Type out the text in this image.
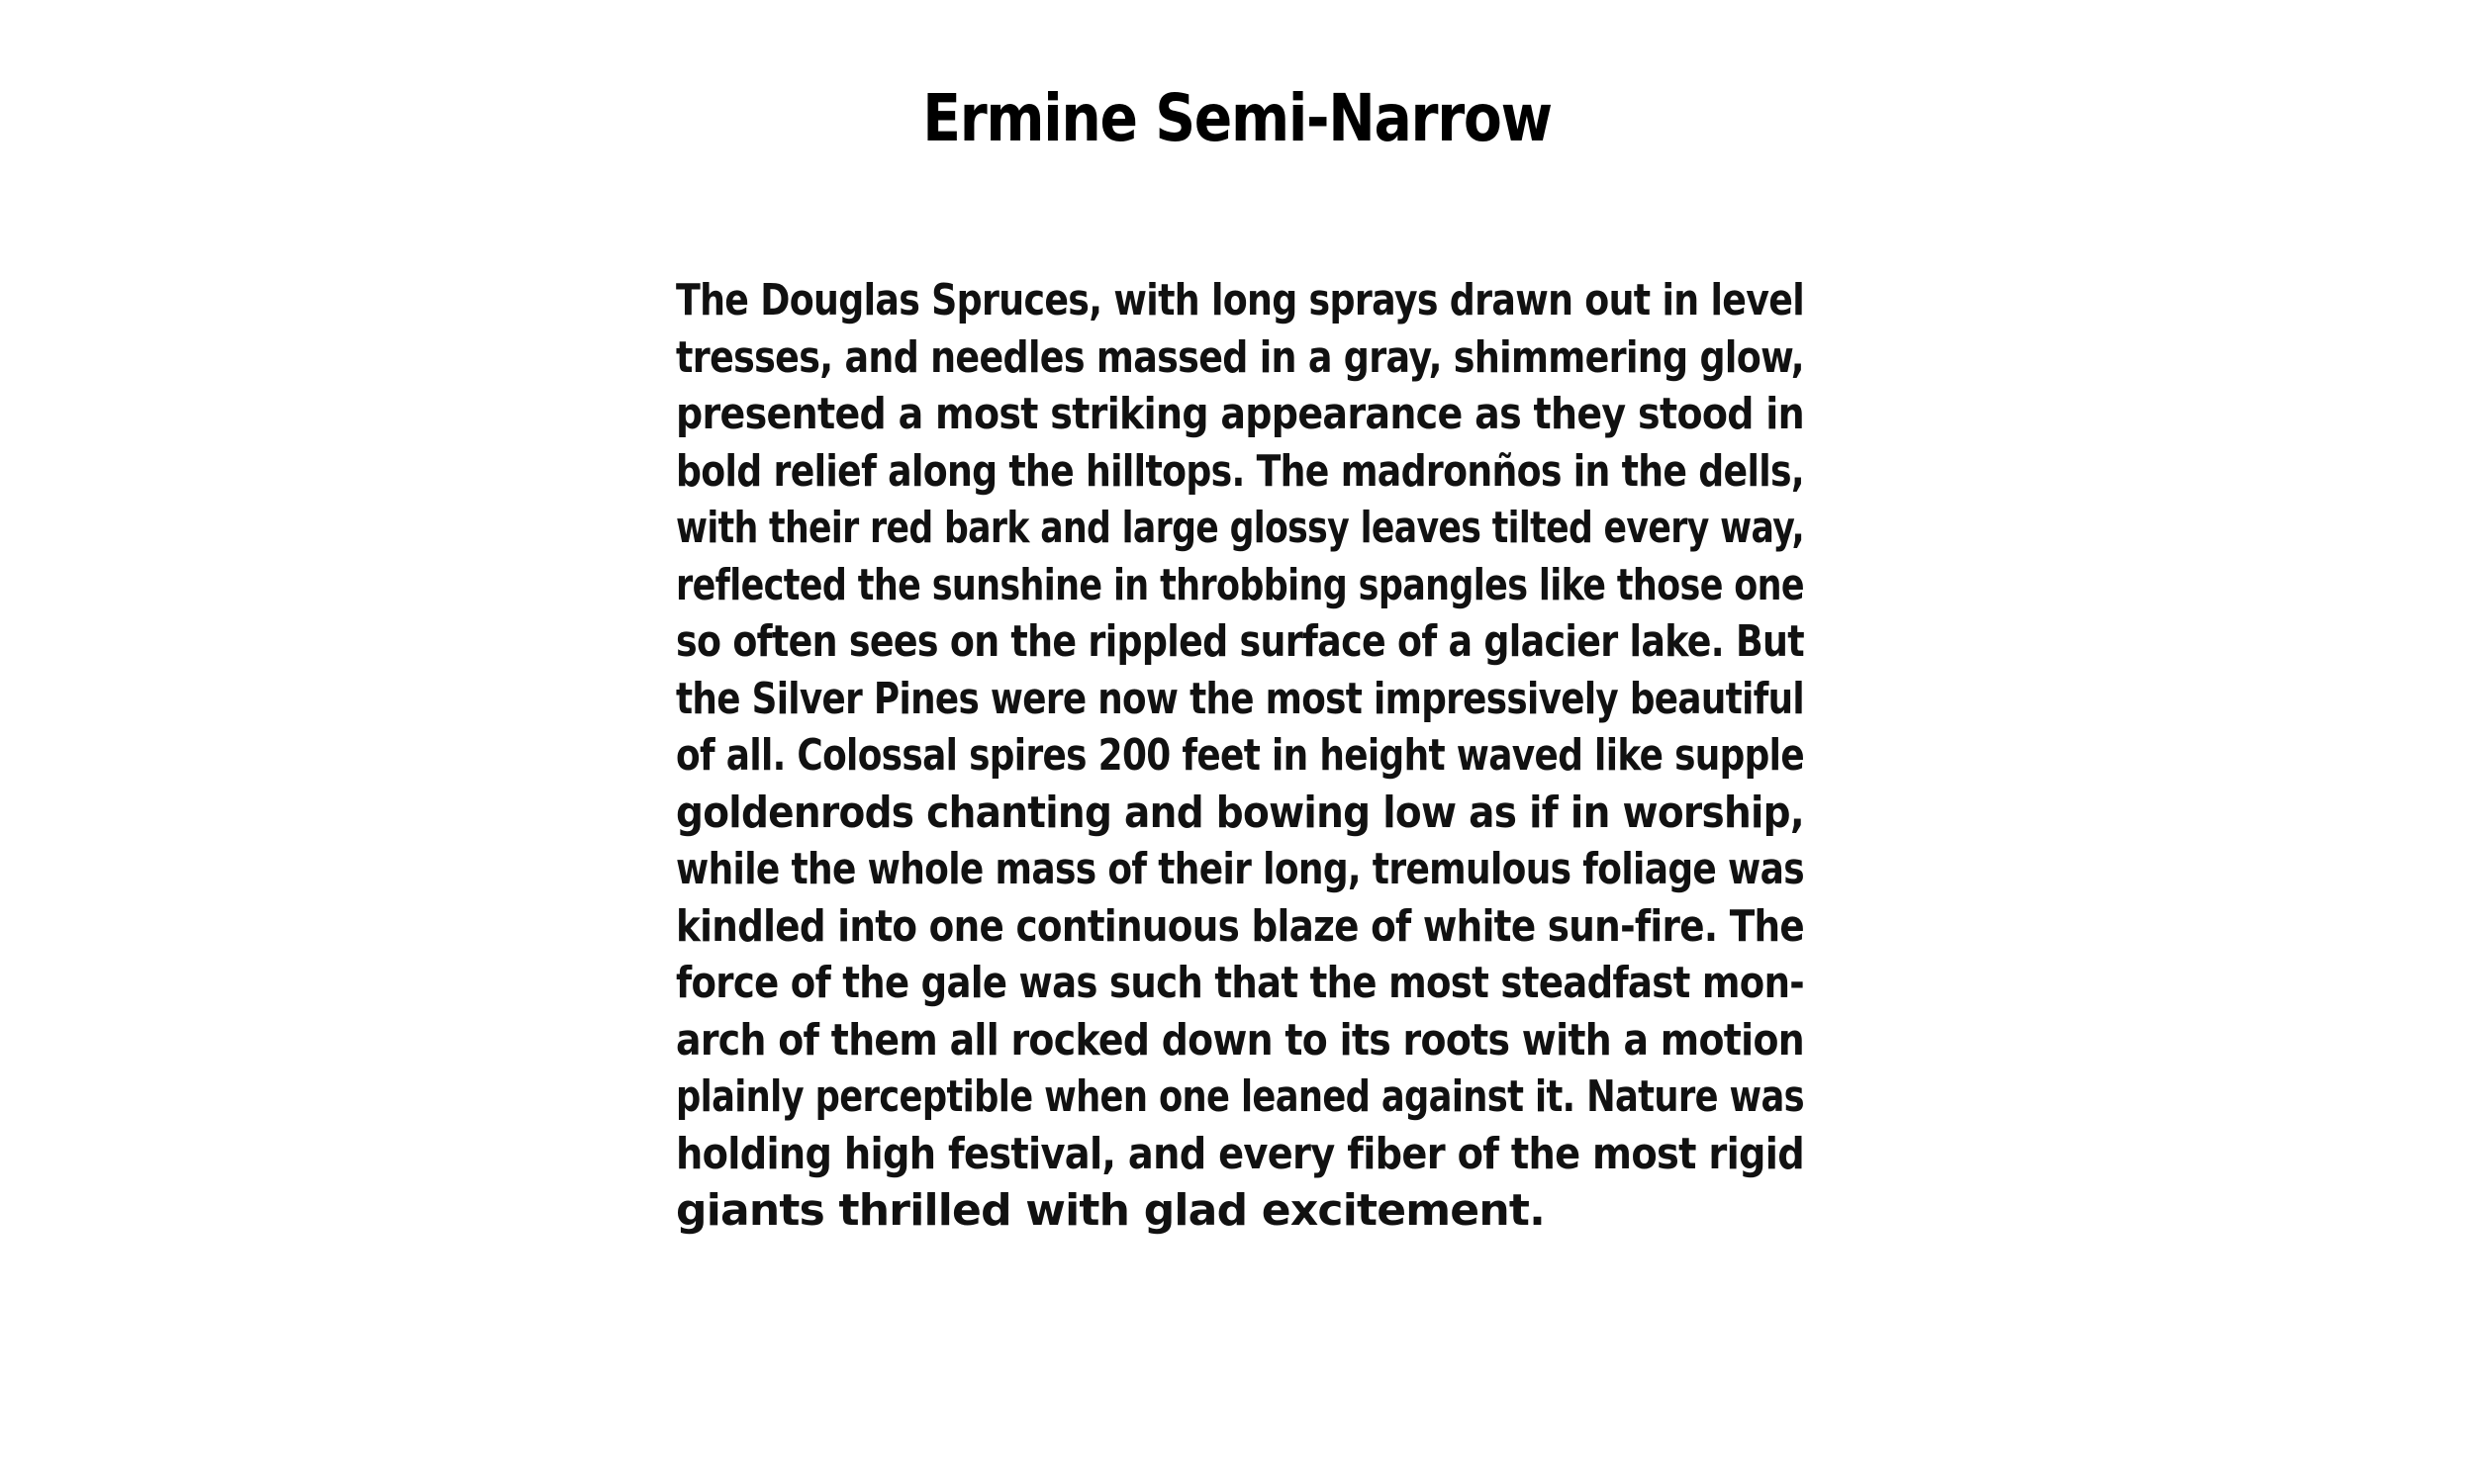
Ermine Semi-Narrow
The Douglas Spruces, with long sprays drawn out in level
tresses, and needles massed in a gray, shimmering glow,
presented a most striking appearance as they stood in
bold relief along the hilltops. The madronños in the dells,
with their red bark and large glossy leaves tilted every way,
reflected the sunshine in throbbing spangles like those one
so often sees on the rippled surface of a glacier lake. But
the Silver Pines were now the most impressively beautiful
of all. Colossal spires 200 feet in height waved like supple
goldenrods chanting and bowing low as if in worship,
while the whole mass of their long, tremulous foliage was
kindled into one continuous blaze of white sun-fire. The
force of the gale was such that the most steadfast mon-
arch of them all rocked down to its roots with a motion
plainly perceptible when one leaned against it. Nature was
holding high festival, and every fiber of the most rigid
giants thrilled with glad excitement.
